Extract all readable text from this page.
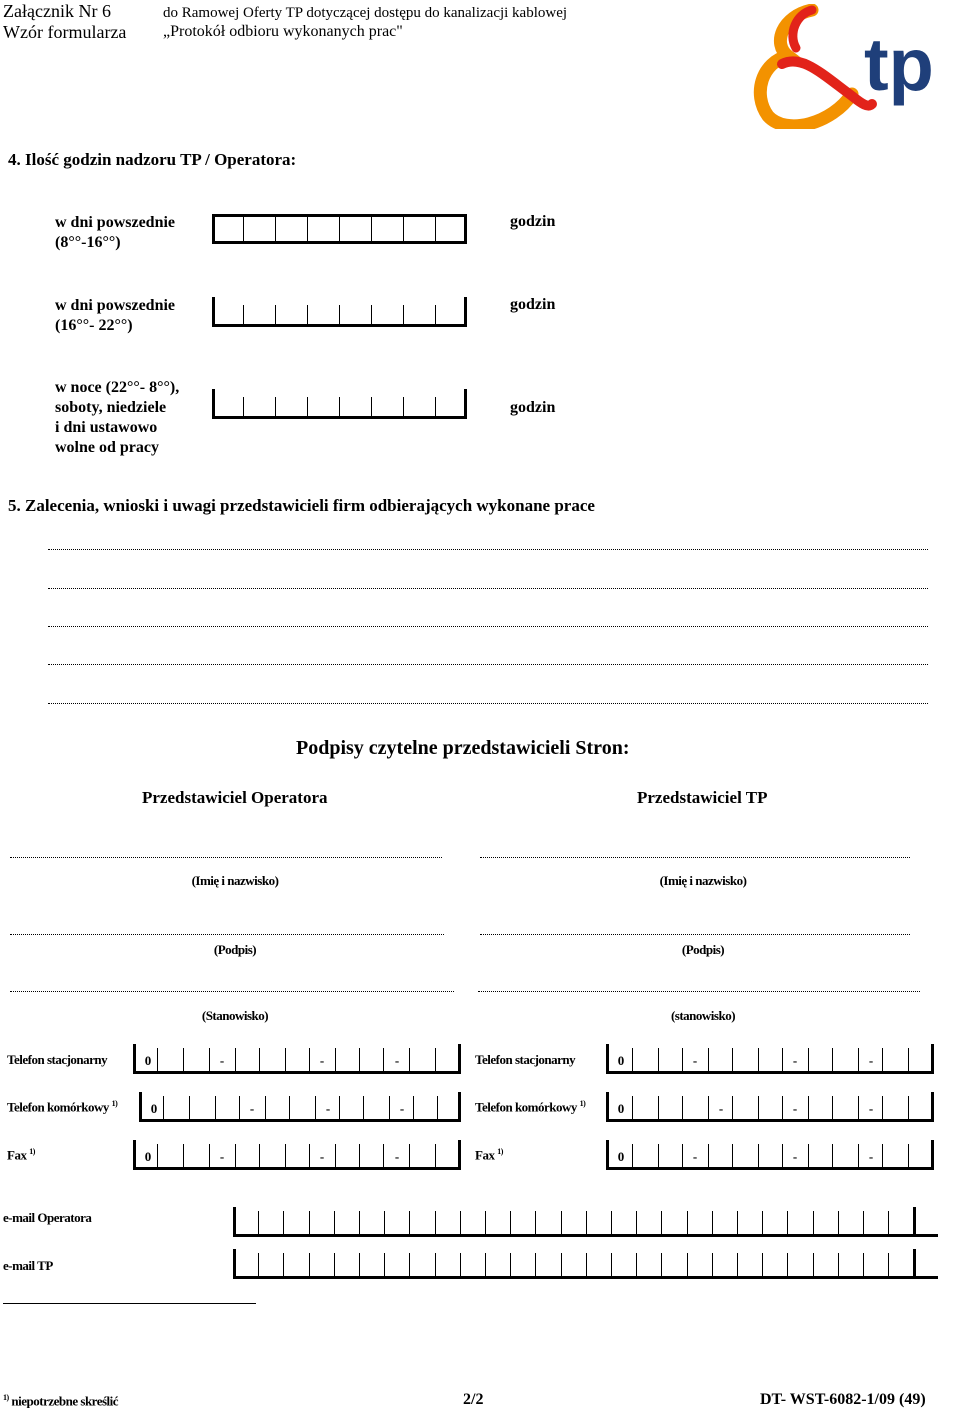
Załącznik Nr 6
Wzór formularza
do Ramowej Oferty TP dotyczącej dostępu do kanalizacji kablowej
„Protokół odbioru wykonanych prac"	tp
4. Ilość godzin nadzoru TP / Operatora:
w dni powszednie
(8°°-16°°)
godzin
w dni powszednie
(16°°- 22°°)
godzin
w noce (22°°- 8°°),
soboty, niedziele
i dni ustawowo
wolne od pracy
godzin
5. Zalecenia, wnioski i uwagi przedstawicieli firm odbierających wykonane prace
Podpisy czytelne przedstawicieli Stron:
Przedstawiciel Operatora	Przedstawiciel TP
(Imię i nazwisko)	(Imię i nazwisko)
(Podpis)	(Podpis)
(Stanowisko)	(stanowisko)
Telefon stacjonarny	0	-	-	-
Telefon komórkowy $^{1)}$	0	-	-	-
Fax $^{1)}$	0	-	-	-
Telefon stacjonarny	0	-	-	-
Telefon komórkowy $^{1)}$ 0	-	-	-
Fax $^{1)}$	0	-	-	-
e-mail Operatora
e-mail TP
$^{1)}$ niepotrzebne skreślić	2/2	DT- WST-6082-1/09 (49)
